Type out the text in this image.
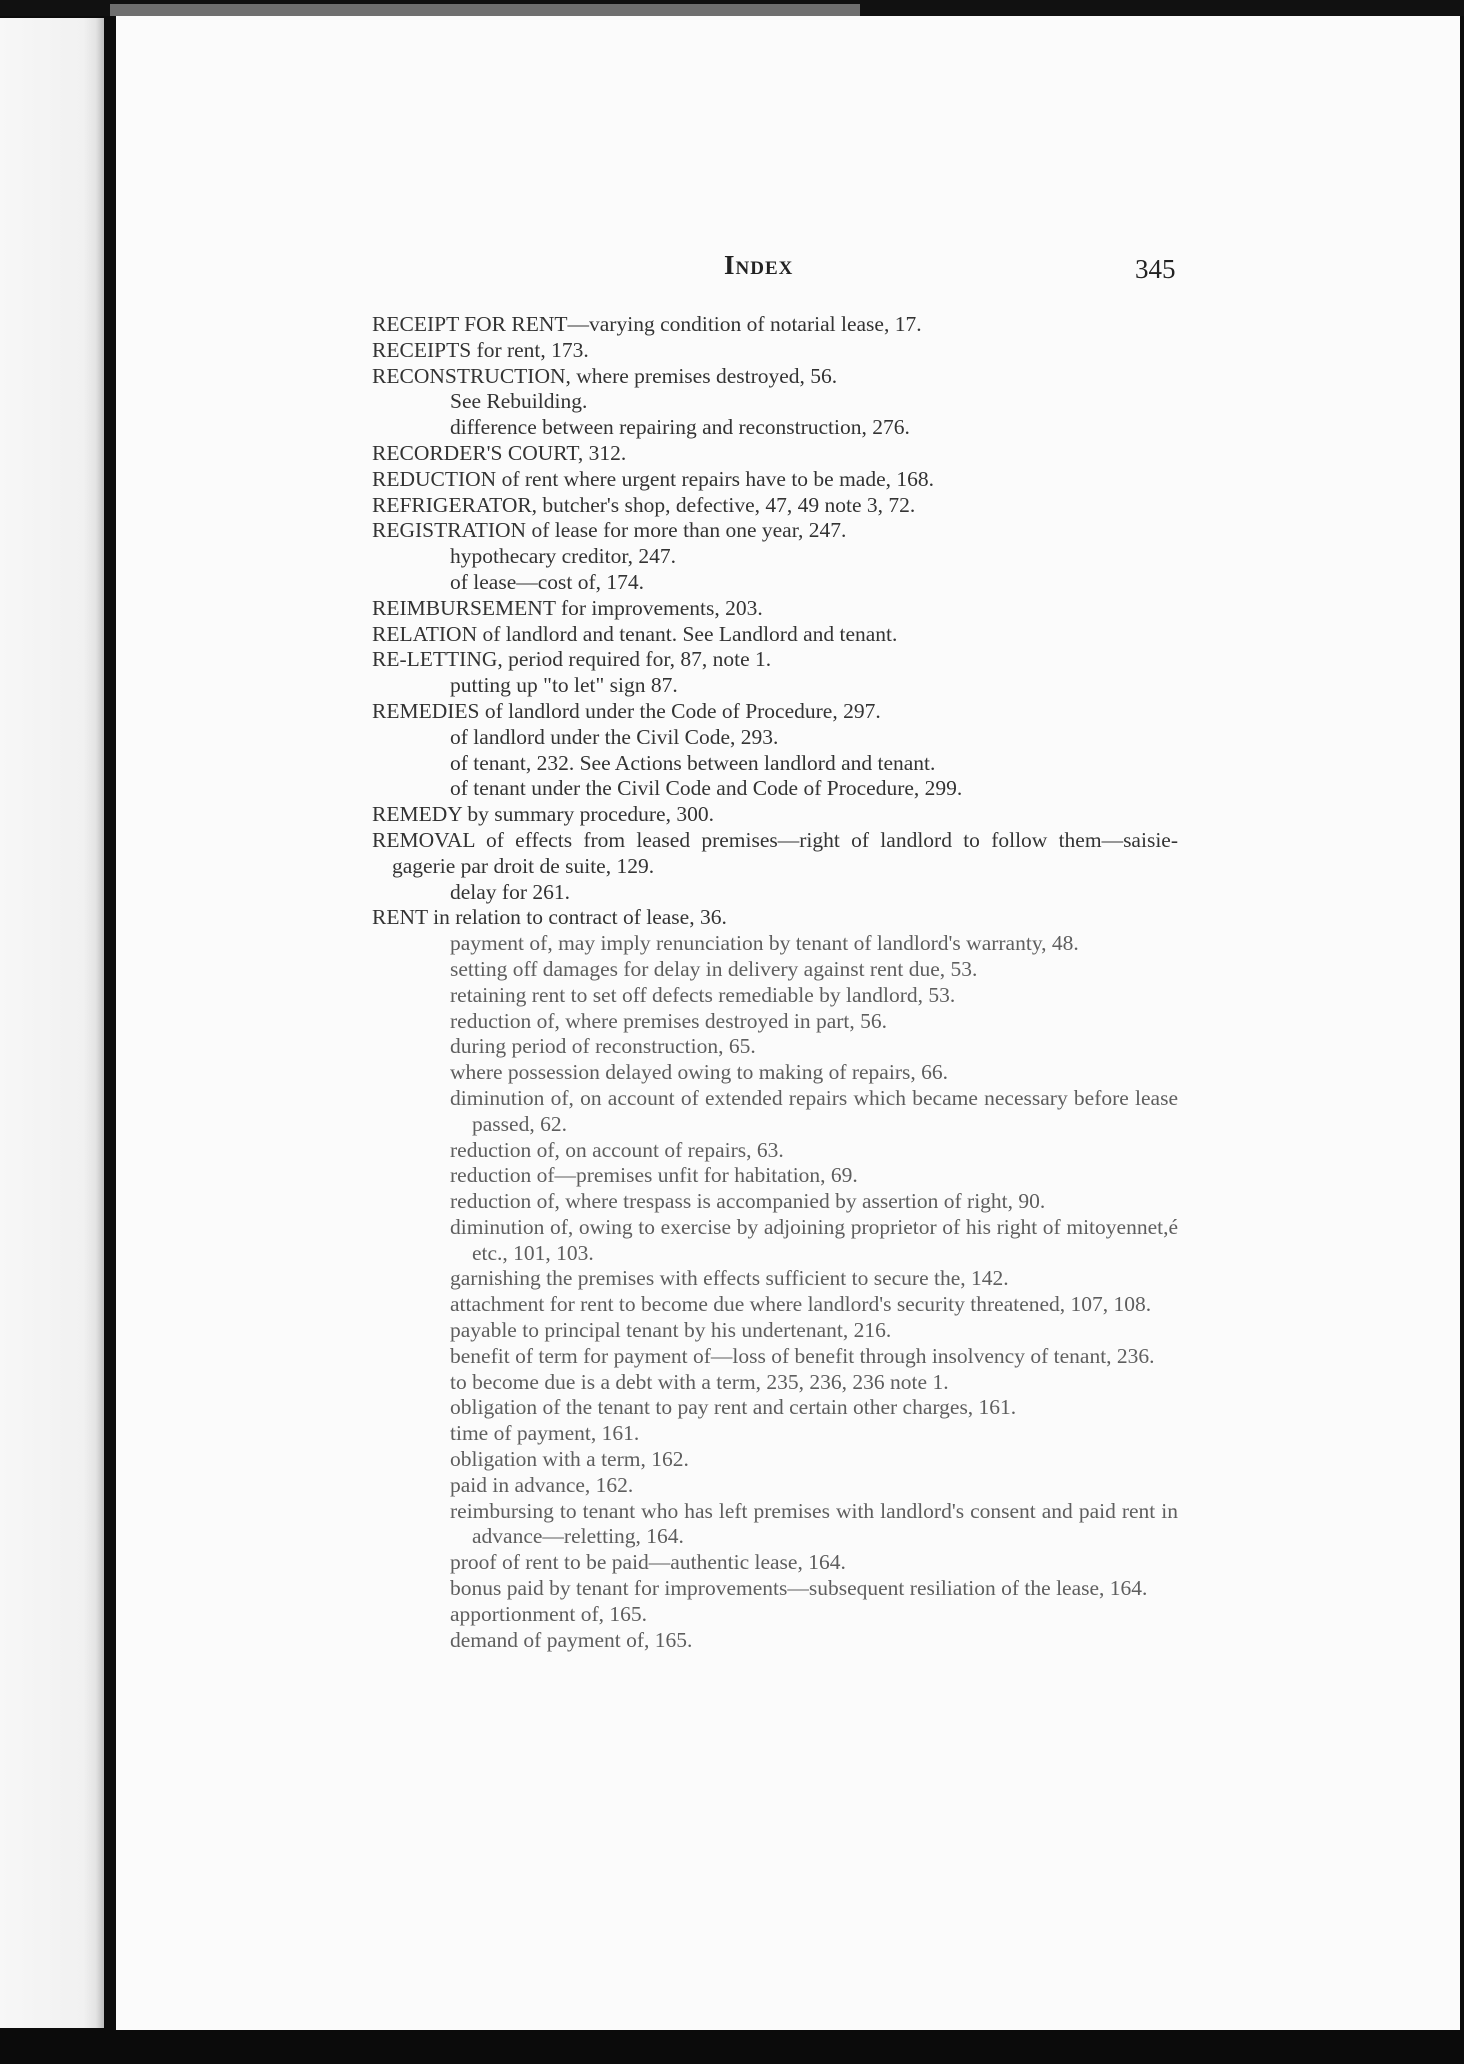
Index	345
RECEIPT FOR RENT—varying condition of notarial lease, 17.
RECEIPTS for rent, 173.
RECONSTRUCTION, where premises destroyed, 56.
See Rebuilding.
difference between repairing and reconstruction, 276.
RECORDER'S COURT, 312.
REDUCTION of rent where urgent repairs have to be made, 168.
REFRIGERATOR, butcher's shop, defective, 47, 49 note 3, 72.
REGISTRATION of lease for more than one year, 247.
hypothecary creditor, 247.
of lease—cost of, 174.
REIMBURSEMENT for improvements, 203.
RELATION of landlord and tenant. See Landlord and tenant.
RE-LETTING, period required for, 87, note 1.
putting up "to let" sign 87.
REMEDIES of landlord under the Code of Procedure, 297.
of landlord under the Civil Code, 293.
of tenant, 232. See Actions between landlord and tenant.
of tenant under the Civil Code and Code of Procedure, 299.
REMEDY by summary procedure, 300.
REMOVAL of effects from leased premises—right of landlord to follow them—saisie-gagerie par droit de suite, 129.
delay for 261.
RENT in relation to contract of lease, 36.
payment of, may imply renunciation by tenant of landlord's warranty, 48.
setting off damages for delay in delivery against rent due, 53.
retaining rent to set off defects remediable by landlord, 53.
reduction of, where premises destroyed in part, 56.
during period of reconstruction, 65.
where possession delayed owing to making of repairs, 66.
diminution of, on account of extended repairs which became necessary before lease passed, 62.
reduction of, on account of repairs, 63.
reduction of—premises unfit for habitation, 69.
reduction of, where trespass is accompanied by assertion of right, 90.
diminution of, owing to exercise by adjoining proprietor of his right of mitoyennet,é etc., 101, 103.
garnishing the premises with effects sufficient to secure the, 142.
attachment for rent to become due where landlord's security threatened, 107, 108.
payable to principal tenant by his undertenant, 216.
benefit of term for payment of—loss of benefit through insolvency of tenant, 236.
to become due is a debt with a term, 235, 236, 236 note 1.
obligation of the tenant to pay rent and certain other charges, 161.
time of payment, 161.
obligation with a term, 162.
paid in advance, 162.
reimbursing to tenant who has left premises with landlord's consent and paid rent in advance—reletting, 164.
proof of rent to be paid—authentic lease, 164.
bonus paid by tenant for improvements—subsequent resiliation of the lease, 164.
apportionment of, 165.
demand of payment of, 165.
